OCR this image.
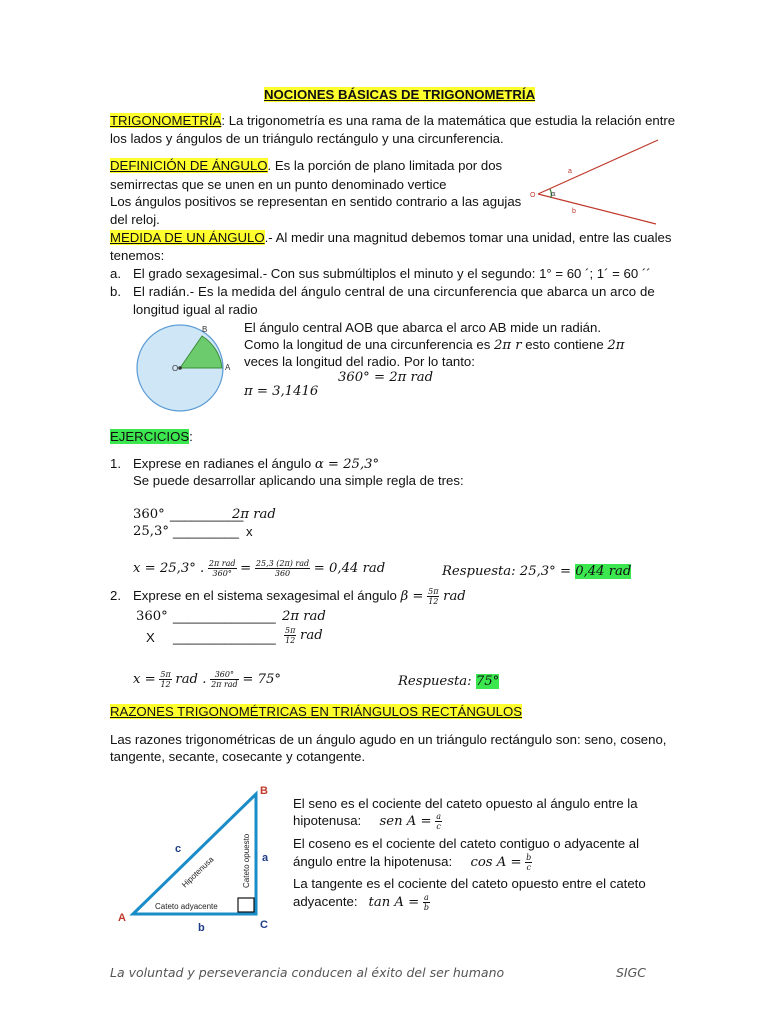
NOCIONES BÁSICAS DE TRIGONOMETRÍA
TRIGONOMETRÍA: La trigonometría es una rama de la matemática que estudia la relación entre
los lados y ángulos de un triángulo rectángulo y una circunferencia.
DEFINICIÓN DE ÁNGULO. Es la porción de plano limitada por dos
semirrectas que se unen en un punto denominado vertice
Los ángulos positivos se representan en sentido contrario a las agujas
del reloj.
a
b
α
O
MEDIDA DE UN ÁNGULO.- Al medir una magnitud debemos tomar una unidad, entre las cuales
tenemos:
a. El grado sexagesimal.- Con sus submúltiplos el minuto y el segundo: 1° = 60 ´; 1´ = 60 ´´
b. El radián.- Es la medida del ángulo central de una circunferencia que abarca un arco de
longitud igual al radio
B
A
O
El ángulo central AOB que abarca el arco AB mide un radián.
Como la longitud de una circunferencia es 2π r esto contiene 2π
veces la longitud del radio. Por lo tanto:
360° = 2π rad
π = 3,1416
EJERCICIOS:
1. Exprese en radianes el ángulo α = 25,3°
Se puede desarrollar aplicando una simple regla de tres:
360° __________
2π rad
25,3° _________ x
x = 25,3° . $\frac{\text{2π rad}}{360^\circ} = \frac{\text{25,3 (2π) rad}}{360} = 0,44$ rad	Respuesta: 25,3° = 0,44 rad
2. Exprese en el sistema sexagesimal el ángulo $\beta = \frac{5\pi}{12}$ rad
360° ______________ 2π rad
X ______________ $\frac{5\pi}{12}$ rad
$x = \frac{5\pi}{12}$ rad . $\frac{360^\circ}{\text{2π rad}} = 75^\circ$	Respuesta: 75°
RAZONES TRIGONOMÉTRICAS EN TRIÁNGULOS RECTÁNGULOS
Las razones trigonométricas de un ángulo agudo en un triángulo rectángulo son: seno, coseno,
tangente, secante, cosecante y cotangente.
B
A
C
a
b
c
Hipotenusa	Cateto opuesto
Cateto adyacente
El seno es el cociente del cateto opuesto al ángulo entre la
hipotenusa: sen $A = \frac{a}{c}$
El coseno es el cociente del cateto contiguo o adyacente al
ángulo entre la hipotenusa: $\cos A = \frac{b}{c}$
La tangente es el cociente del cateto opuesto entre el cateto
adyacente: $\tan A = \frac{a}{b}$
La voluntad y perseverancia conducen al éxito del ser humano	SIGC
